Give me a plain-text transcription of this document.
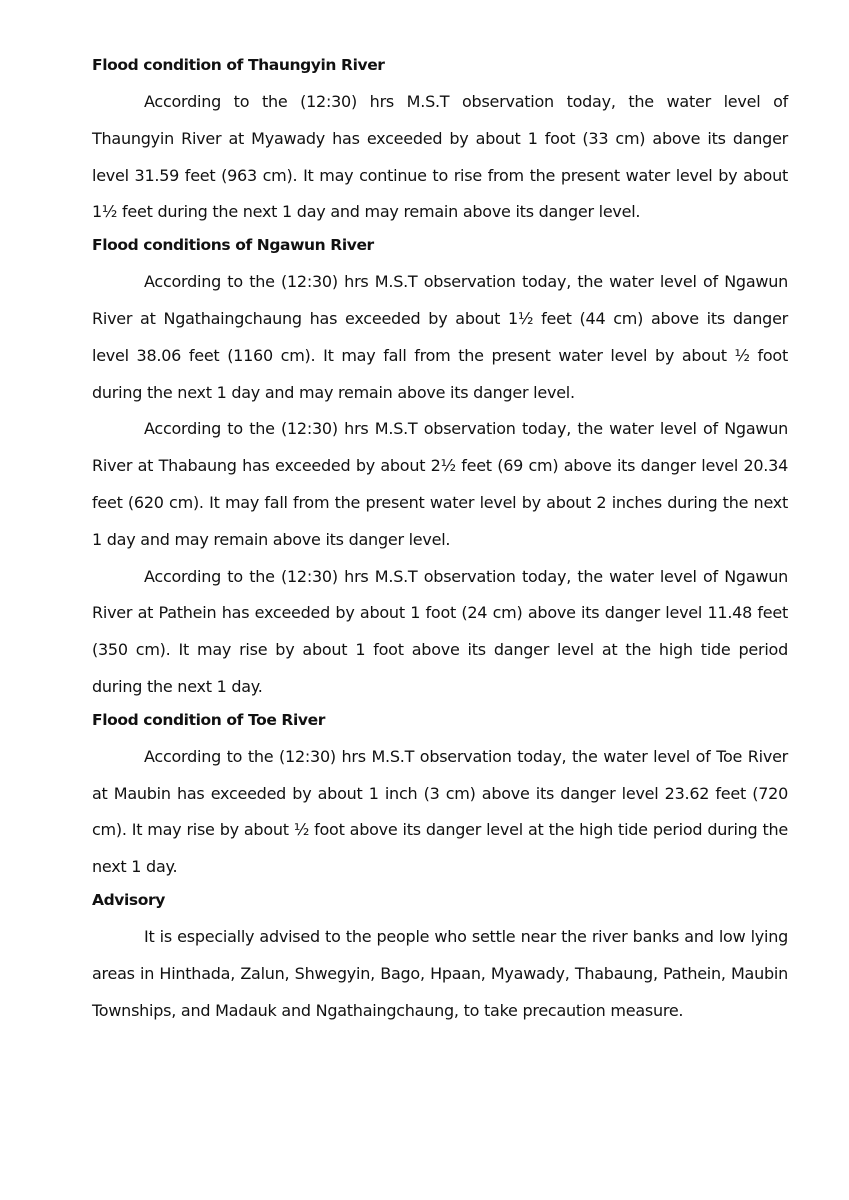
Flood condition of Thaungyin River

According to the (12:30) hrs M.S.T observation today, the water level of Thaungyin River at Myawady has exceeded by about 1 foot (33 cm) above its danger level 31.59 feet (963 cm). It may continue to rise from the present water level by about 1½ feet during the next 1 day and may remain above its danger level.

Flood conditions of Ngawun River

According to the (12:30) hrs M.S.T observation today, the water level of Ngawun River at Ngathaingchaung has exceeded by about 1½ feet (44 cm) above its danger level 38.06 feet (1160 cm). It may fall from the present water level by about ½ foot during the next 1 day and may remain above its danger level.

According to the (12:30) hrs M.S.T observation today, the water level of Ngawun River at Thabaung has exceeded by about 2½ feet (69 cm) above its danger level 20.34 feet (620 cm). It may fall from the present water level by about 2 inches during the next 1 day and may remain above its danger level.

According to the (12:30) hrs M.S.T observation today, the water level of Ngawun River at Pathein has exceeded by about 1 foot (24 cm) above its danger level 11.48 feet (350 cm). It may rise by about 1 foot above its danger level at the high tide period during the next 1 day.

Flood condition of Toe River

According to the (12:30) hrs M.S.T observation today, the water level of Toe River at Maubin has exceeded by about 1 inch (3 cm) above its danger level 23.62 feet (720 cm). It may rise by about ½ foot above its danger level at the high tide period during the next 1 day.

Advisory

It is especially advised to the people who settle near the river banks and low lying areas in Hinthada, Zalun, Shwegyin, Bago, Hpaan, Myawady, Thabaung, Pathein, Maubin Townships, and Madauk and Ngathaingchaung, to take precaution measure.
